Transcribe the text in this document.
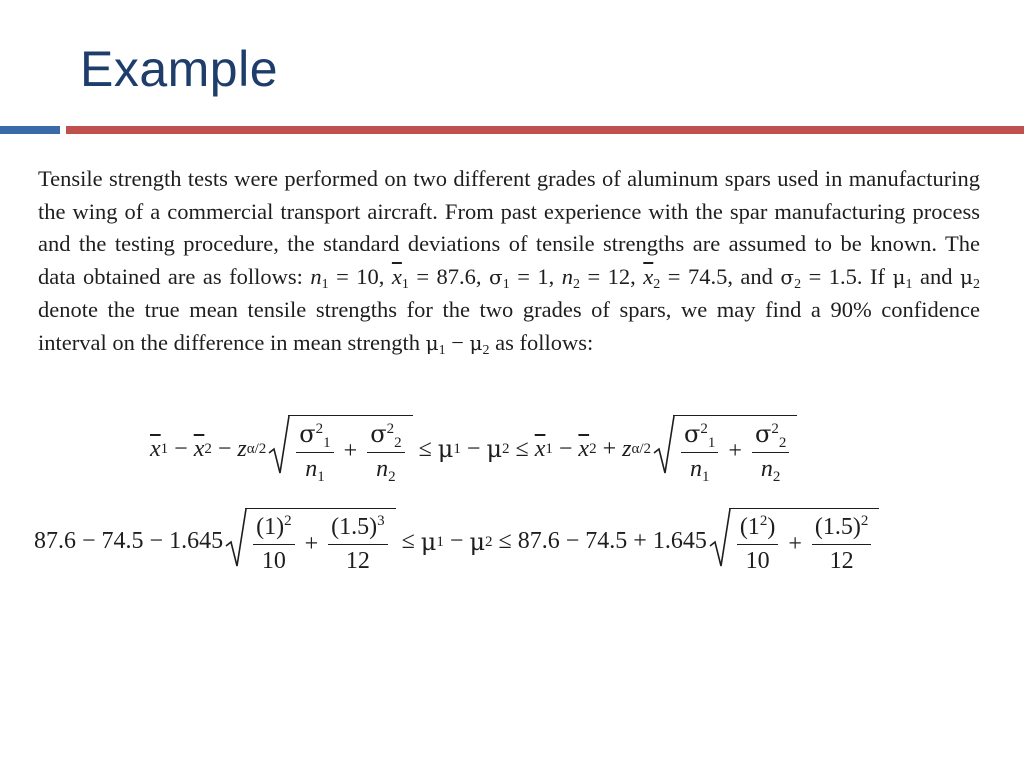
Example
Tensile strength tests were performed on two different grades of aluminum spars used in manufacturing the wing of a commercial transport aircraft. From past experience with the spar manufacturing process and the testing procedure, the standard deviations of tensile strengths are assumed to be known. The data obtained are as follows: $n_1 = 10$, $\overline{x}_1 = 87.6$, $\sigma_1 = 1$, $n_2 = 12$, $\overline{x}_2 = 74.5$, and $\sigma_2 = 1.5$. If $\mu_1$ and $\mu_2$ denote the true mean tensile strengths for the two grades of spars, we may find a 90% confidence interval on the difference in mean strength $\mu_1 - \mu_2$ as follows:
$\overline{x}$ $1 - \overline{x}$ 2 − z $\alpha/2 \frac{\sigma^2_1}{n_1} + \frac{\sigma^2_2}{n_2} \le \mu$ 1 − μ $2 \le \overline{x}$ $1 - \overline{x}$ 2 + z $\alpha/2 \frac{\sigma^2_1}{n_1} + \frac{\sigma^2_2}{n_2}$
$87.6 - 74.5 - 1.645 \frac{(1)^2}{10} + \frac{(1.5)^3}{12} \le \mu$ 1 − μ $2 \le 87.6 - 74.5 + 1.645 \frac{(1^2)}{10} + \frac{(1.5)^2}{12}$
